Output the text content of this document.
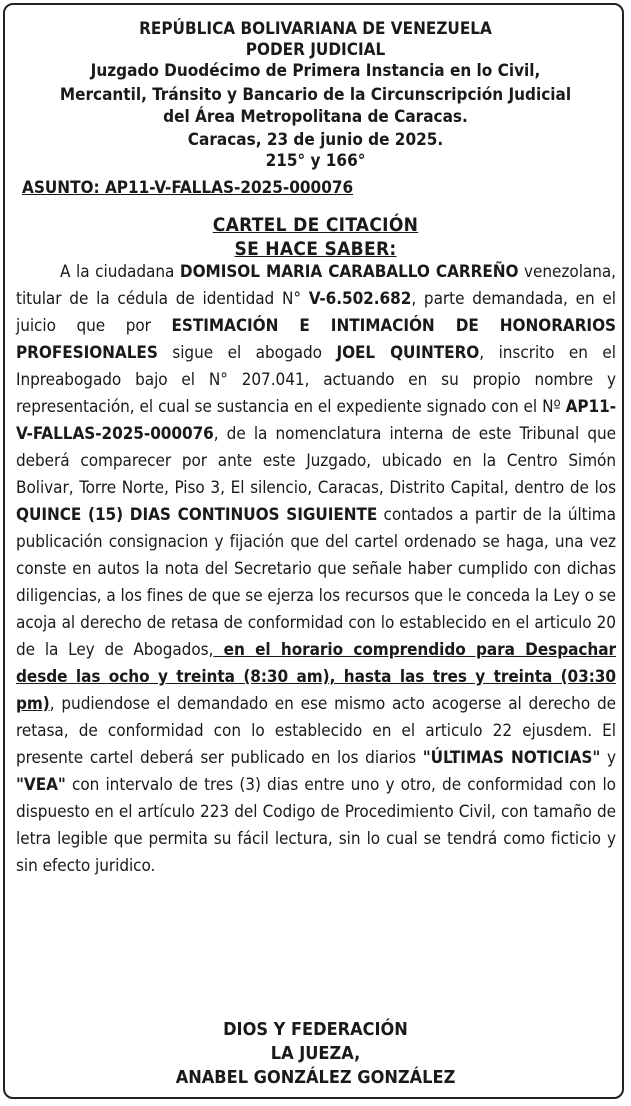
REPÚBLICA BOLIVARIANA DE VENEZUELA
PODER JUDICIAL
Juzgado Duodécimo de Primera Instancia en lo Civil,
Mercantil, Tránsito y Bancario de la Circunscripción Judicial
del Área Metropolitana de Caracas.
Caracas, 23 de junio de 2025.
215° y 166°
ASUNTO: AP11-V-FALLAS-2025-000076
CARTEL DE CITACIÓN
SE HACE SABER:
A la ciudadana DOMISOL MARIA CARABALLO CARREÑO venezolana, titular de la cédula de identidad N° V-6.502.682, parte demandada, en el juicio que por ESTIMACIÓN E INTIMACIÓN DE HONORARIOS PROFESIONALES sigue el abogado JOEL QUINTERO, inscrito en el Inpreabogado bajo el N° 207.041, actuando en su propio nombre y representación, el cual se sustancia en el expediente signado con el Nº AP11-V-FALLAS-2025-000076, de la nomenclatura interna de este Tribunal que deberá comparecer por ante este Juzgado, ubicado en la Centro Simón Bolivar, Torre Norte, Piso 3, El silencio, Caracas, Distrito Capital, dentro de los QUINCE (15) DIAS CONTINUOS SIGUIENTE contados a partir de la última publicación consignacion y fijación que del cartel ordenado se haga, una vez conste en autos la nota del Secretario que señale haber cumplido con dichas diligencias, a los fines de que se ejerza los recursos que le conceda la Ley o se acoja al derecho de retasa de conformidad con lo establecido en el articulo 20 de la Ley de Abogados, en el horario comprendido para Despachar desde las ocho y treinta (8:30 am), hasta las tres y treinta (03:30 pm), pudiendose el demandado en ese mismo acto acogerse al derecho de retasa, de conformidad con lo establecido en el articulo 22 ejusdem. El presente cartel deberá ser publicado en los diarios "ÚLTIMAS NOTICIAS" y "VEA" con intervalo de tres (3) dias entre uno y otro, de conformidad con lo dispuesto en el artículo 223 del Codigo de Procedimiento Civil, con tamaño de letra legible que permita su fácil lectura, sin lo cual se tendrá como ficticio y sin efecto juridico.
DIOS Y FEDERACIÓN
LA JUEZA,
ANABEL GONZÁLEZ GONZÁLEZ
